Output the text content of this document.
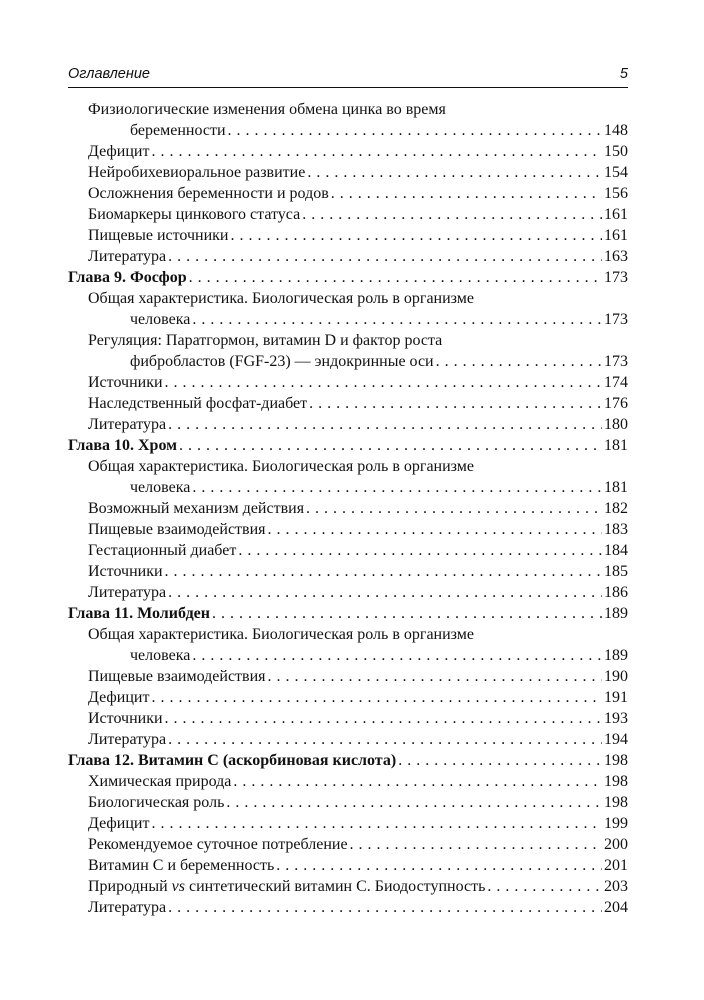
Оглавление	5
Физиологические изменения обмена цинка во время
беременности . . .	148
Дефицит . . .	150
Нейробихевиоральное развитие . . .	154
Осложнения беременности и родов . . .	156
Биомаркеры цинкового статуса . . .	161
Пищевые источники . . .	161
Литература . . .	163
Глава 9. Фосфор . . .	173
Общая характеристика. Биологическая роль в организме
человека . . .	173
Регуляция: Паратгормон, витамин D и фактор роста
фибробластов (FGF-23) — эндокринные оси . . .	173
Источники . . .	174
Наследственный фосфат-диабет . . .	176
Литература . . .	180
Глава 10. Хром . . .	181
Общая характеристика. Биологическая роль в организме
человека . . .	181
Возможный механизм действия . . .	182
Пищевые взаимодействия . . .	183
Гестационный диабет . . .	184
Источники . . .	185
Литература . . .	186
Глава 11. Молибден . . .	189
Общая характеристика. Биологическая роль в организме
человека . . .	189
Пищевые взаимодействия . . .	190
Дефицит . . .	191
Источники . . .	193
Литература . . .	194
Глава 12. Витамин С (аскорбиновая кислота) . . .	198
Химическая природа . . .	198
Биологическая роль . . .	198
Дефицит . . .	199
Рекомендуемое суточное потребление . . .	200
Витамин С и беременность . . .	201
Природный vs синтетический витамин С. Биодоступность . . .	203
Литература . . .	204
